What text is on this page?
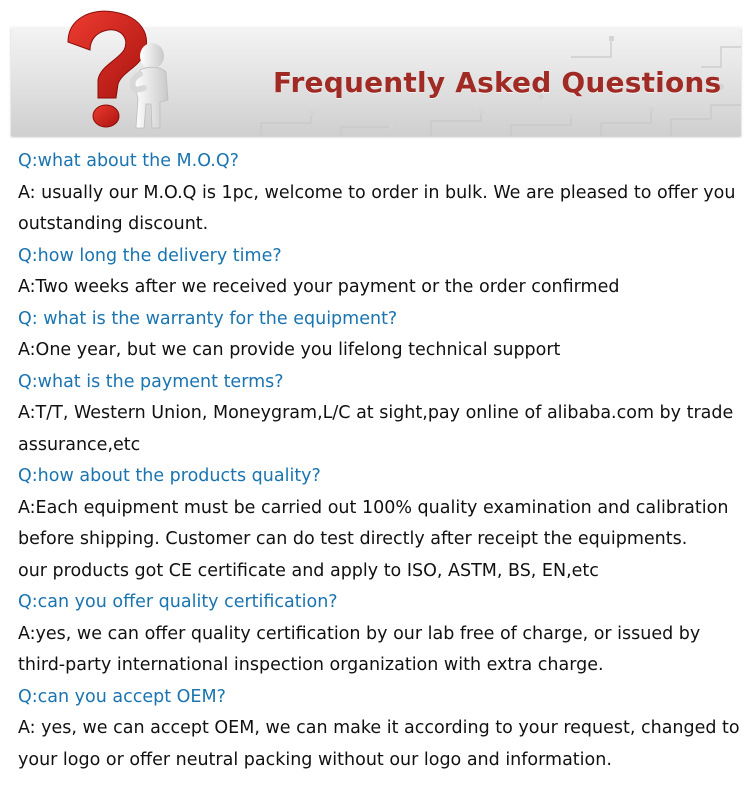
Frequently Asked Questions

Q:what about the M.O.Q?

A: usually our M.O.Q is 1pc, welcome to order in bulk. We are pleased to offer you outstanding discount.

Q:how long the delivery time?

A:Two weeks after we received your payment or the order confirmed

Q: what is the warranty for the equipment?

A:One year, but we can provide you lifelong technical support

Q:what is the payment terms?

A:T/T, Western Union, Moneygram,L/C at sight,pay online of alibaba.com by trade assurance,etc

Q:how about the products quality?

A:Each equipment must be carried out 100% quality examination and calibration before shipping. Customer can do test directly after receipt the equipments.

our products got CE certificate and apply to ISO, ASTM, BS, EN,etc

Q:can you offer quality certification?

A:yes, we can offer quality certification by our lab free of charge, or issued by third-party international inspection organization with extra charge.

Q:can you accept OEM?

A: yes, we can accept OEM, we can make it according to your request, changed to your logo or offer neutral packing without our logo and information.
